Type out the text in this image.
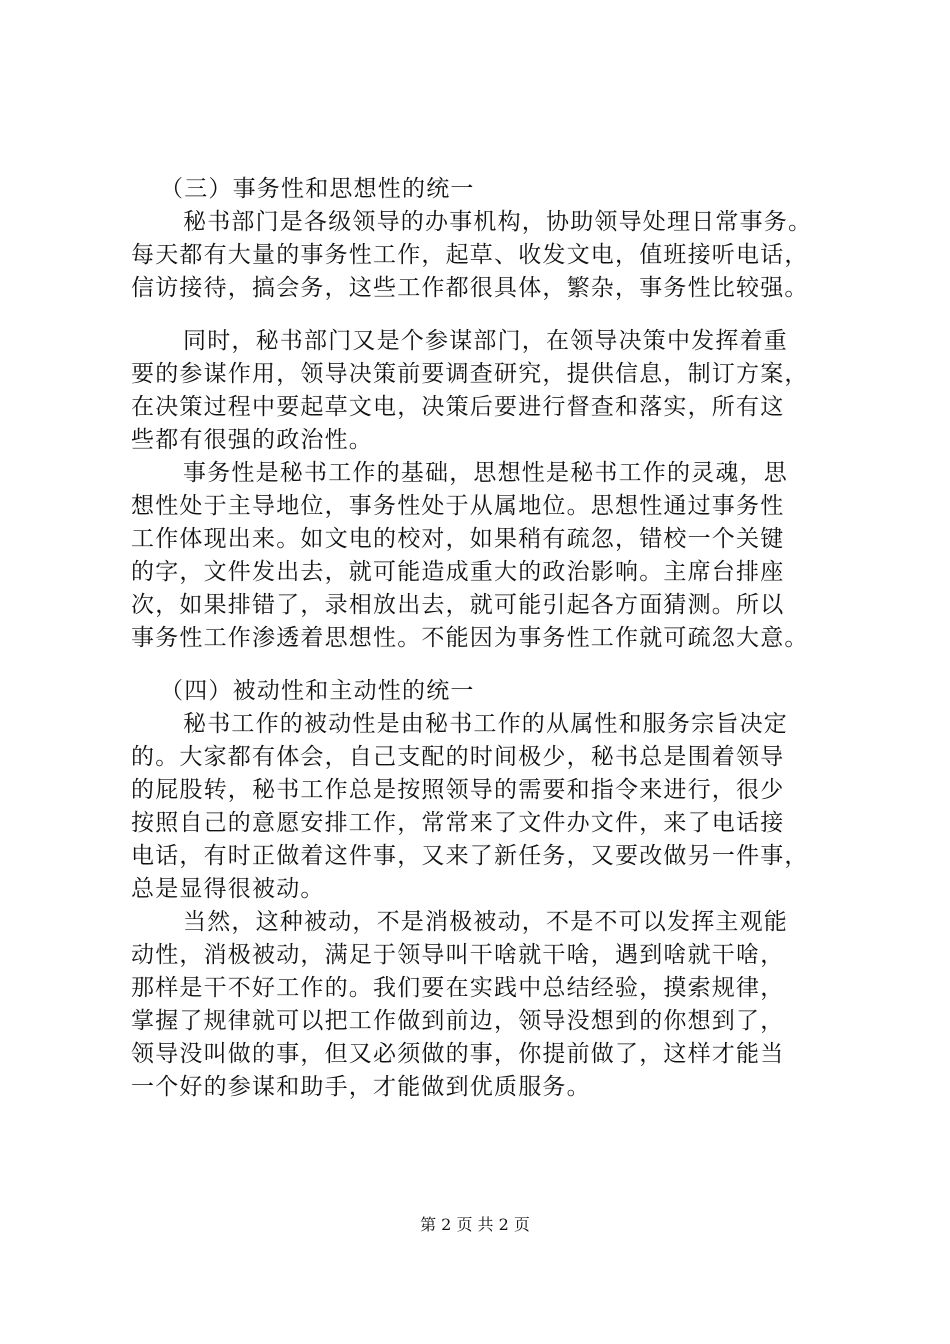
（三）事务性和思想性的统一
秘书部门是各级领导的办事机构，协助领导处理日常事务。
每天都有大量的事务性工作，起草、收发文电，值班接听电话，
信访接待，搞会务，这些工作都很具体，繁杂，事务性比较强。
同时，秘书部门又是个参谋部门，在领导决策中发挥着重
要的参谋作用，领导决策前要调查研究，提供信息，制订方案，
在决策过程中要起草文电，决策后要进行督查和落实，所有这
些都有很强的政治性。
事务性是秘书工作的基础，思想性是秘书工作的灵魂，思
想性处于主导地位，事务性处于从属地位。思想性通过事务性
工作体现出来。如文电的校对，如果稍有疏忽，错校一个关键
的字，文件发出去，就可能造成重大的政治影响。主席台排座
次，如果排错了，录相放出去，就可能引起各方面猜测。所以
事务性工作渗透着思想性。不能因为事务性工作就可疏忽大意。
（四）被动性和主动性的统一
秘书工作的被动性是由秘书工作的从属性和服务宗旨决定
的。大家都有体会，自己支配的时间极少，秘书总是围着领导
的屁股转，秘书工作总是按照领导的需要和指令来进行，很少
按照自己的意愿安排工作，常常来了文件办文件，来了电话接
电话，有时正做着这件事，又来了新任务，又要改做另一件事，
总是显得很被动。
当然，这种被动，不是消极被动，不是不可以发挥主观能
动性，消极被动，满足于领导叫干啥就干啥，遇到啥就干啥，
那样是干不好工作的。我们要在实践中总结经验，摸索规律，
掌握了规律就可以把工作做到前边，领导没想到的你想到了，
领导没叫做的事，但又必须做的事，你提前做了，这样才能当
一个好的参谋和助手，才能做到优质服务。
第 2 页 共 2 页
